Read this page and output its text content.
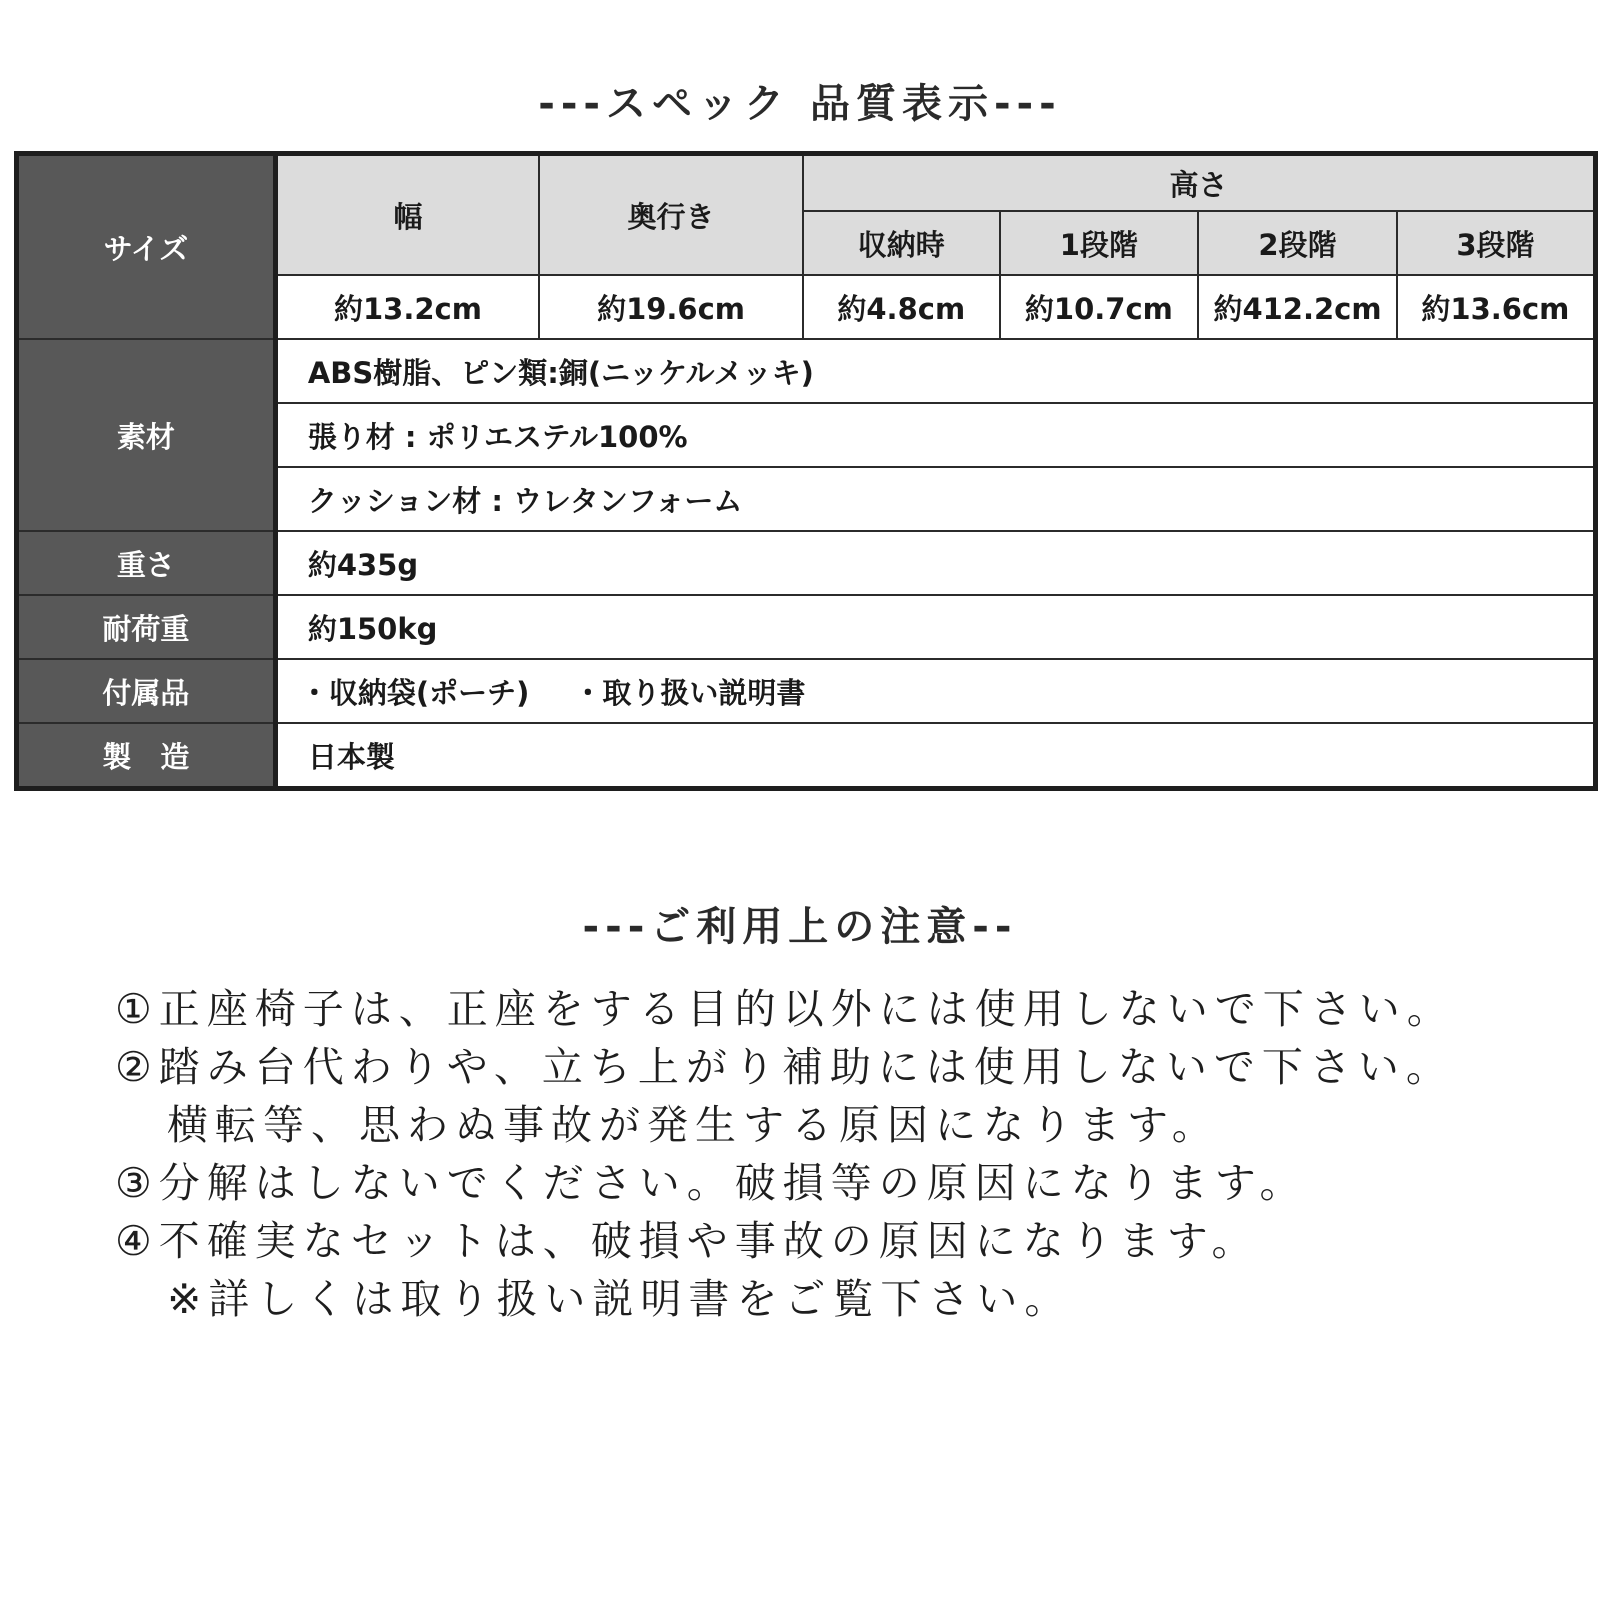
---スペック 品質表示---
サイズ	幅	奥行き	高さ			
			収納時	1段階	2段階	3段階
	約13.2cm	約19.6cm	約4.8cm	約10.7cm	約412.2cm	約13.6cm
素材	ABS樹脂、ピン類:銅(ニッケルメッキ)					
	張り材 : ポリエステル100%					
	クッション材 : ウレタンフォーム					
重さ	約435g					
耐荷重	約150kg					
付属品	・収納袋(ポーチ) ・取り扱い説明書					
製　造	日本製					
---ご利用上の注意--
①正座椅子は、正座をする目的以外には使用しないで下さい。
②踏み台代わりや、立ち上がり補助には使用しないで下さい。
横転等、思わぬ事故が発生する原因になります。
③分解はしないでください。破損等の原因になります。
④不確実なセットは、破損や事故の原因になります。
※詳しくは取り扱い説明書をご覧下さい。
